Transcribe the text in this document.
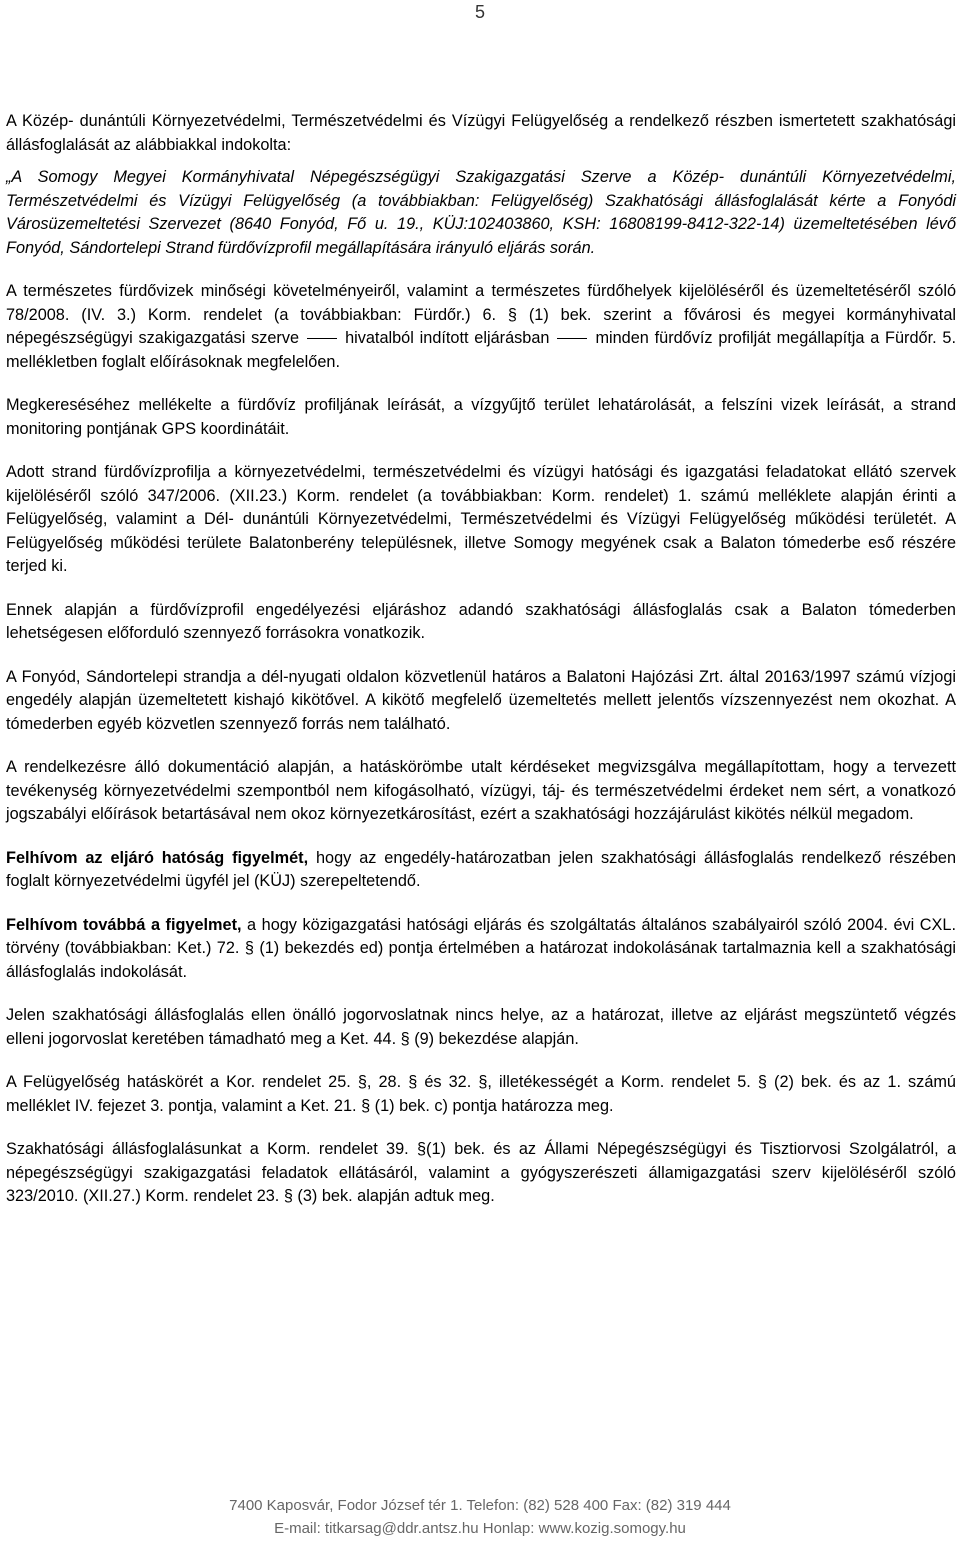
5

A Közép- dunántúli Környezetvédelmi, Természetvédelmi és Vízügyi Felügyelőség a rendelkező részben ismertetett szakhatósági állásfoglalását az alábbiakkal indokolta:

„A Somogy Megyei Kormányhivatal Népegészségügyi Szakigazgatási Szerve a Közép- dunántúli Környezetvédelmi, Természetvédelmi és Vízügyi Felügyelőség (a továbbiakban: Felügyelőség) Szakhatósági állásfoglalását kérte a Fonyódi Városüzemeltetési Szervezet (8640 Fonyód, Fő u. 19., KÜJ:102403860, KSH: 16808199-8412-322-14) üzemeltetésében lévő Fonyód, Sándortelepi Strand fürdővízprofil megállapítására irányuló eljárás során.

A természetes fürdővizek minőségi követelményeiről, valamint a természetes fürdőhelyek kijelöléséről és üzemeltetéséről szóló 78/2008. (IV. 3.) Korm. rendelet (a továbbiakban: Fürdőr.) 6. § (1) bek. szerint a fővárosi és megyei kormányhivatal népegészségügyi szakigazgatási szerve	hivatalból indított eljárásban	minden fürdővíz profilját megállapítja a Fürdőr. 5. mellékletben foglalt előírásoknak megfelelően.

Megkereséséhez mellékelte a fürdővíz profiljának leírását, a vízgyűjtő terület lehatárolását, a felszíni vizek leírását, a strand monitoring pontjának GPS koordinátáit.

Adott strand fürdővízprofilja a környezetvédelmi, természetvédelmi és vízügyi hatósági és igazgatási feladatokat ellátó szervek kijelöléséről szóló 347/2006. (XII.23.) Korm. rendelet (a továbbiakban: Korm. rendelet) 1. számú melléklete alapján érinti a Felügyelőség, valamint a Dél- dunántúli Környezetvédelmi, Természetvédelmi és Vízügyi Felügyelőség működési területét. A Felügyelőség működési területe Balatonberény településnek, illetve Somogy megyének csak a Balaton tómederbe eső részére terjed ki.

Ennek alapján a fürdővízprofil engedélyezési eljáráshoz adandó szakhatósági állásfoglalás csak a Balaton tómederben lehetségesen előforduló szennyező forrásokra vonatkozik.

A Fonyód, Sándortelepi strandja a dél-nyugati oldalon közvetlenül határos a Balatoni Hajózási Zrt. által 20163/1997 számú vízjogi engedély alapján üzemeltetett kishajó kikötővel. A kikötő megfelelő üzemeltetés mellett jelentős vízszennyezést nem okozhat. A tómederben egyéb közvetlen szennyező forrás nem található.

A rendelkezésre álló dokumentáció alapján, a hatáskörömbe utalt kérdéseket megvizsgálva megállapítottam, hogy a tervezett tevékenység környezetvédelmi szempontból nem kifogásolható, vízügyi, táj- és természetvédelmi érdeket nem sért, a vonatkozó jogszabályi előírások betartásával nem okoz környezetkárosítást, ezért a szakhatósági hozzájárulást kikötés nélkül megadom.

Felhívom az eljáró hatóság figyelmét, hogy az engedély-határozatban jelen szakhatósági állásfoglalás rendelkező részében foglalt környezetvédelmi ügyfél jel (KÜJ) szerepeltetendő.

Felhívom továbbá a figyelmet, a hogy közigazgatási hatósági eljárás és szolgáltatás általános szabályairól szóló 2004. évi CXL. törvény (továbbiakban: Ket.) 72. § (1) bekezdés ed) pontja értelmében a határozat indokolásának tartalmaznia kell a szakhatósági állásfoglalás indokolását.

Jelen szakhatósági állásfoglalás ellen önálló jogorvoslatnak nincs helye, az a határozat, illetve az eljárást megszüntető végzés elleni jogorvoslat keretében támadható meg a Ket. 44. § (9) bekezdése alapján.

A Felügyelőség hatáskörét a Kor. rendelet 25. §, 28. § és 32. §, illetékességét a Korm. rendelet 5. § (2) bek. és az 1. számú melléklet IV. fejezet 3. pontja, valamint a Ket. 21. § (1) bek. c) pontja határozza meg.

Szakhatósági állásfoglalásunkat a Korm. rendelet 39. §(1) bek. és az Állami Népegészségügyi és Tisztiorvosi Szolgálatról, a népegészségügyi szakigazgatási feladatok ellátásáról, valamint a gyógyszerészeti államigazgatási szerv kijelöléséről szóló 323/2010. (XII.27.) Korm. rendelet 23. § (3) bek. alapján adtuk meg.

7400 Kaposvár, Fodor József tér 1. Telefon: (82) 528 400 Fax: (82) 319 444
E-mail: titkarsag@ddr.antsz.hu Honlap: www.kozig.somogy.hu
